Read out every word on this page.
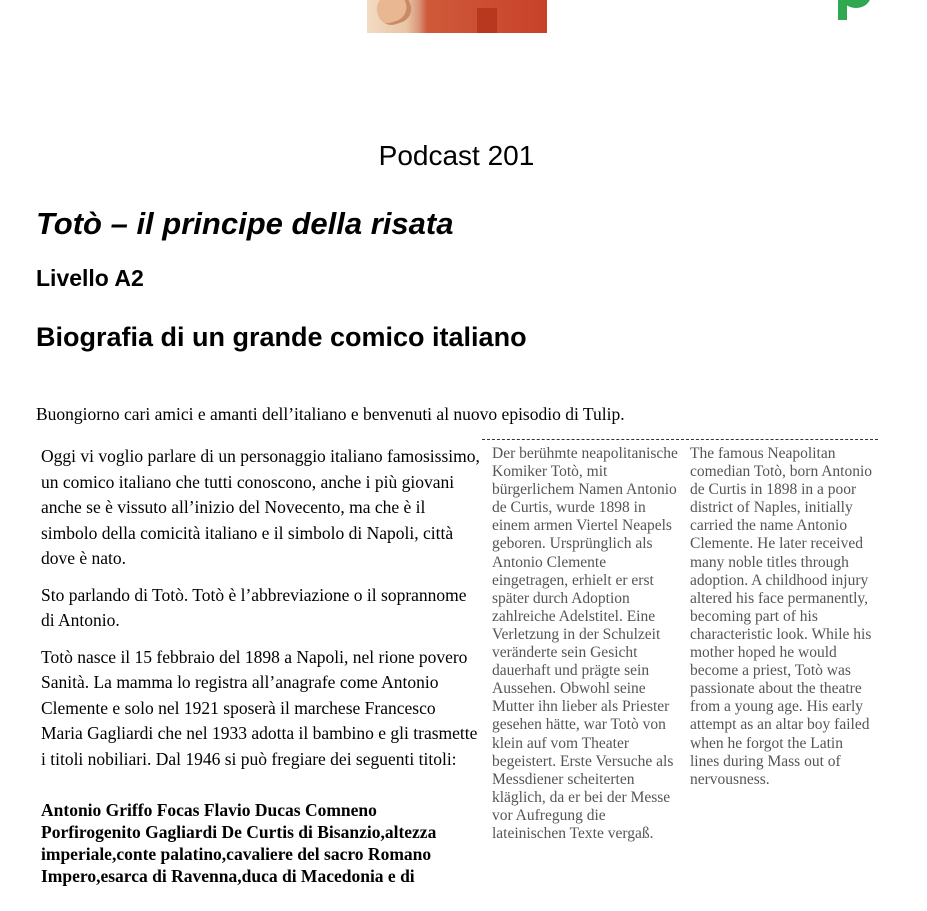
Podcast 201
Totò – il principe della risata
Livello A2
Biografia di un grande comico italiano
Buongiorno cari amici e amanti dell’italiano e benvenuti al nuovo episodio di Tulip.

Oggi vi voglio parlare di un personaggio italiano famosissimo, un comico italiano che tutti conoscono, anche i più giovani anche se è vissuto all’inizio del Novecento, ma che è il simbolo della comicità italiano e il simbolo di Napoli, città dove è nato.

Sto parlando di Totò. Totò è l’abbreviazione o il soprannome di Antonio.

Totò nasce il 15 febbraio del 1898 a Napoli, nel rione povero Sanità. La mamma lo registra all’anagrafe come Antonio Clemente e solo nel 1921 sposerà il marchese Francesco Maria Gagliardi che nel 1933 adotta il bambino e gli trasmette i titoli nobiliari. Dal 1946 si può fregiare dei seguenti titoli:

Antonio Griffo Focas Flavio Ducas Comneno Porfirogenito Gagliardi De Curtis di Bisanzio,altezza imperiale,conte palatino,cavaliere del sacro Romano Impero,esarca di Ravenna,duca di Macedonia e di

Der berühmte neapolitanische Komiker Totò, mit bürgerlichem Namen Antonio de Curtis, wurde 1898 in einem armen Viertel Neapels geboren. Ursprünglich als Antonio Clemente eingetragen, erhielt er erst später durch Adoption zahlreiche Adelstitel. Eine Verletzung in der Schulzeit veränderte sein Gesicht dauerhaft und prägte sein Aussehen. Obwohl seine Mutter ihn lieber als Priester gesehen hätte, war Totò von klein auf vom Theater begeistert. Erste Versuche als Messdiener scheiterten kläglich, da er bei der Messe vor Aufregung die lateinischen Texte vergaß.
The famous Neapolitan comedian Totò, born Antonio de Curtis in 1898 in a poor district of Naples, initially carried the name Antonio Clemente. He later received many noble titles through adoption. A childhood injury altered his face permanently, becoming part of his characteristic look. While his mother hoped he would become a priest, Totò was passionate about the theatre from a young age. His early attempt as an altar boy failed when he forgot the Latin lines during Mass out of nervousness.
